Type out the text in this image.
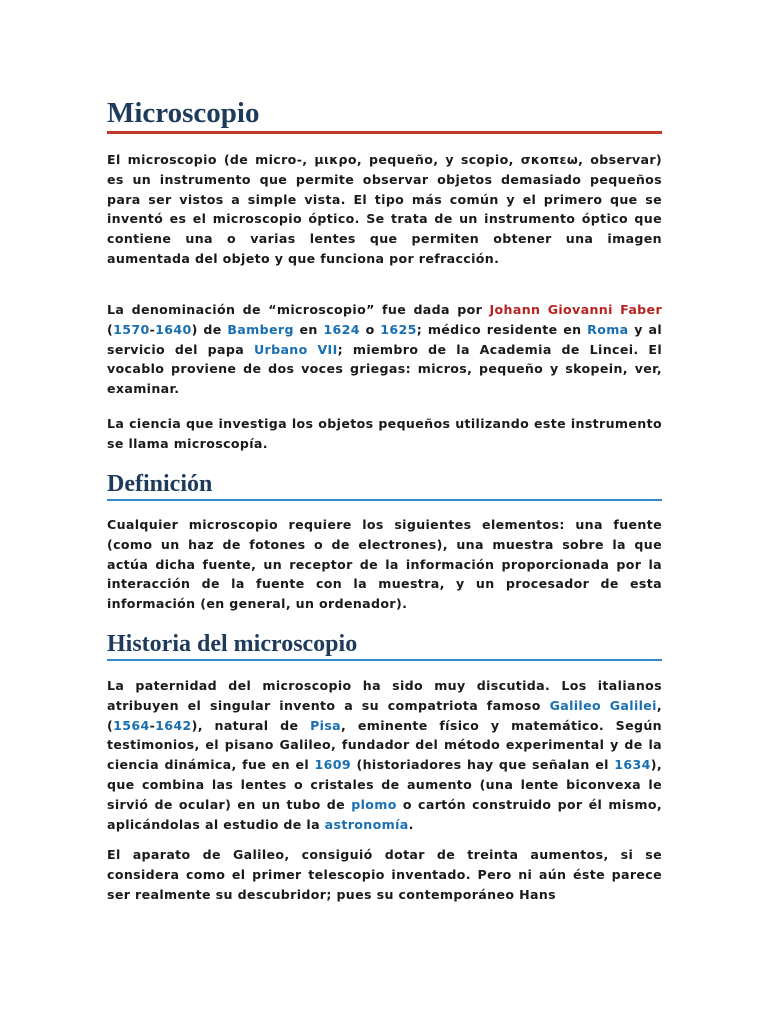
Microscopio

El microscopio (de micro-, μικρο, pequeño, y scopio, σκοπεω, observar) es un instrumento que permite observar objetos demasiado pequeños para ser vistos a simple vista. El tipo más común y el primero que se inventó es el microscopio óptico. Se trata de un instrumento óptico que contiene una o varias lentes que permiten obtener una imagen aumentada del objeto y que funciona por refracción.

La denominación de “microscopio” fue dada por Johann Giovanni Faber (1570-1640) de Bamberg en 1624 o 1625; médico residente en Roma y al servicio del papa Urbano VII; miembro de la Academia de Lincei. El vocablo proviene de dos voces griegas: micros, pequeño y skopein, ver, examinar.

La ciencia que investiga los objetos pequeños utilizando este instrumento se llama microscopía.

Definición

Cualquier microscopio requiere los siguientes elementos: una fuente (como un haz de fotones o de electrones), una muestra sobre la que actúa dicha fuente, un receptor de la información proporcionada por la interacción de la fuente con la muestra, y un procesador de esta información (en general, un ordenador).

Historia del microscopio

La paternidad del microscopio ha sido muy discutida. Los italianos atribuyen el singular invento a su compatriota famoso Galileo Galilei, (1564-1642), natural de Pisa, eminente físico y matemático. Según testimonios, el pisano Galileo, fundador del método experimental y de la ciencia dinámica, fue en el 1609 (historiadores hay que señalan el 1634), que combina las lentes o cristales de aumento (una lente biconvexa le sirvió de ocular) en un tubo de plomo o cartón construido por él mismo, aplicándolas al estudio de la astronomía.

El aparato de Galileo, consiguió dotar de treinta aumentos, si se considera como el primer telescopio inventado. Pero ni aún éste parece ser realmente su descubridor; pues su contemporáneo Hans
